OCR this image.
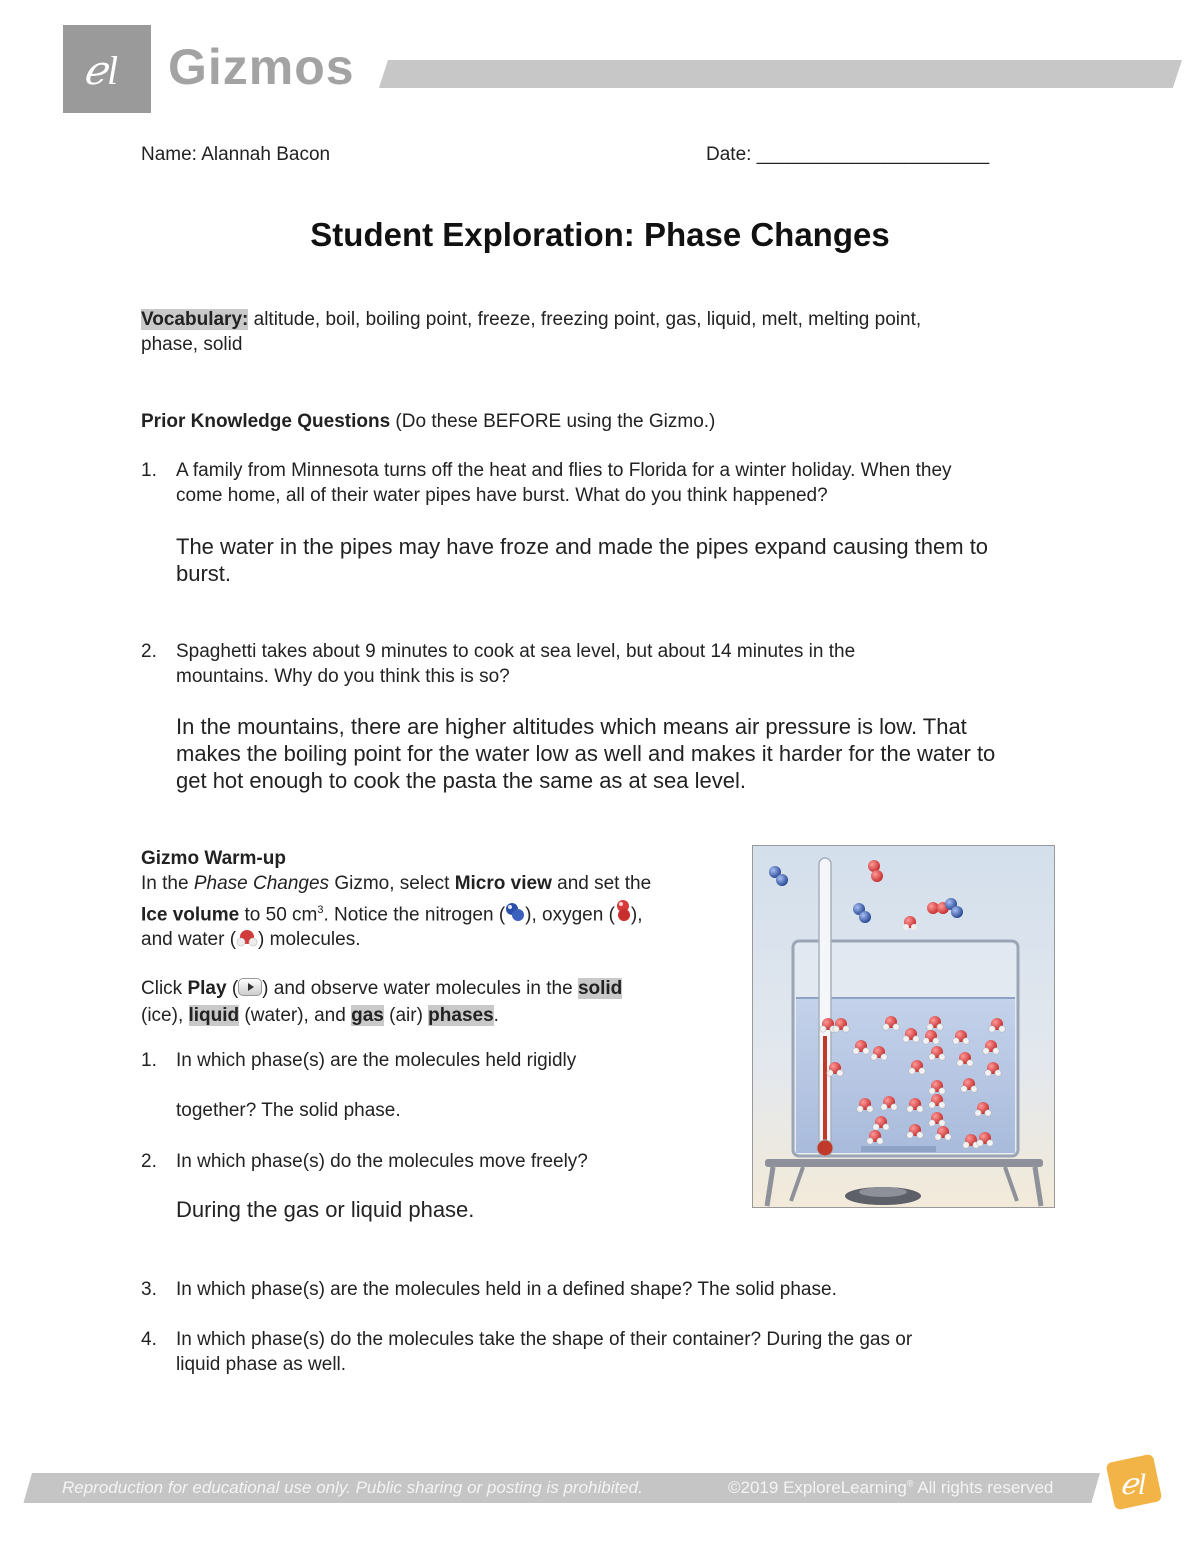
ℯ l Gizmos
Name: Alannah Bacon	Date: ______________________
Student Exploration: Phase Changes
Vocabulary: altitude, boil, boiling point, freeze, freezing point, gas, liquid, melt, melting point,
phase, solid
Prior Knowledge Questions (Do these BEFORE using the Gizmo.)
1. A family from Minnesota turns off the heat and flies to Florida for a winter holiday. When they
come home, all of their water pipes have burst. What do you think happened?
The water in the pipes may have froze and made the pipes expand causing them to
burst.
2. Spaghetti takes about 9 minutes to cook at sea level, but about 14 minutes in the
mountains. Why do you think this is so?
In the mountains, there are higher altitudes which means air pressure is low. That
makes the boiling point for the water low as well and makes it harder for the water to
get hot enough to cook the pasta the same as at sea level.
Gizmo Warm-up
In the Phase Changes Gizmo, select Micro view and set the
Ice volume to 50 $cm^3$. Notice the nitrogen ( ), oxygen ( ),
and water ( ) molecules.
Click Play ( ) and observe water molecules in the solid
(ice), liquid (water), and gas (air) phases.
1. In which phase(s) are the molecules held rigidly
together? The solid phase.
2. In which phase(s) do the molecules move freely?
During the gas or liquid phase.
3. In which phase(s) are the molecules held in a defined shape? The solid phase.
4. In which phase(s) do the molecules take the shape of their container? During the gas or
liquid phase as well.
Reproduction for educational use only. Public sharing or posting is prohibited.	©2019 ExploreLearning® All rights reserved ℯl
